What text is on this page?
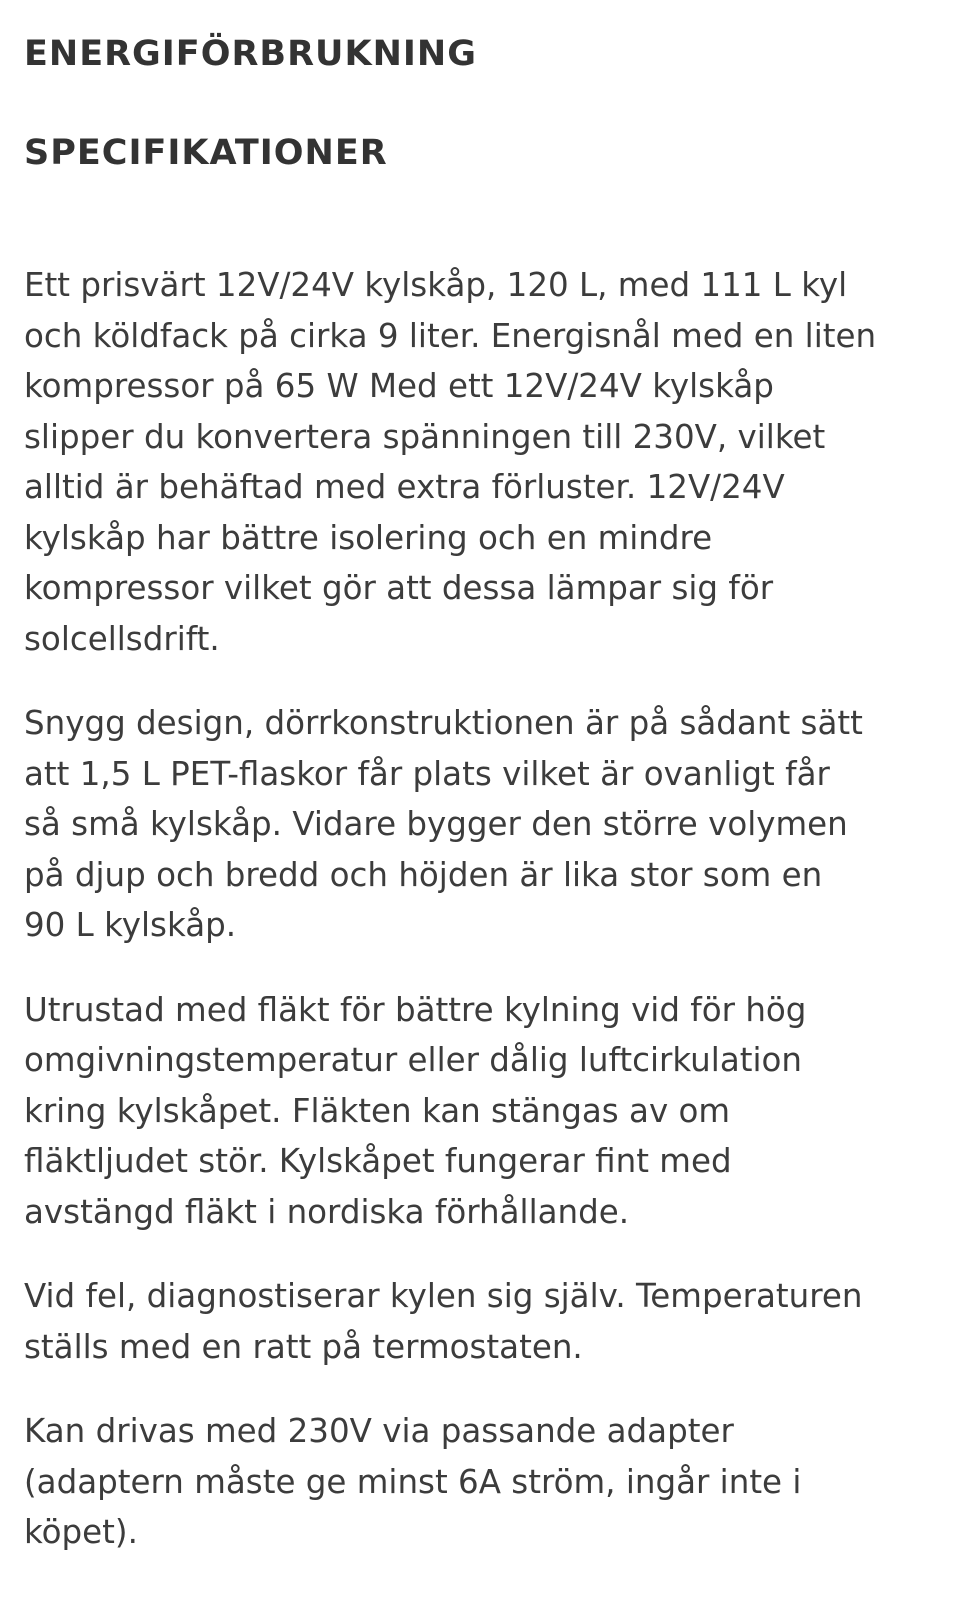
ENERGIFÖRBRUKNING
SPECIFIKATIONER

Ett prisvärt 12V/24V kylskåp, 120 L, med 111 L kyl
och köldfack på cirka 9 liter. Energisnål med en liten
kompressor på 65 W Med ett 12V/24V kylskåp
slipper du konvertera spänningen till 230V, vilket
alltid är behäftad med extra förluster. 12V/24V
kylskåp har bättre isolering och en mindre
kompressor vilket gör att dessa lämpar sig för
solcellsdrift.

Snygg design, dörrkonstruktionen är på sådant sätt
att 1,5 L PET-flaskor får plats vilket är ovanligt får
så små kylskåp. Vidare bygger den större volymen
på djup och bredd och höjden är lika stor som en
90 L kylskåp.

Utrustad med fläkt för bättre kylning vid för hög
omgivningstemperatur eller dålig luftcirkulation
kring kylskåpet. Fläkten kan stängas av om
fläktljudet stör. Kylskåpet fungerar fint med
avstängd fläkt i nordiska förhållande.

Vid fel, diagnostiserar kylen sig själv. Temperaturen
ställs med en ratt på termostaten.

Kan drivas med 230V via passande adapter
(adaptern måste ge minst 6A ström, ingår inte i
köpet).
